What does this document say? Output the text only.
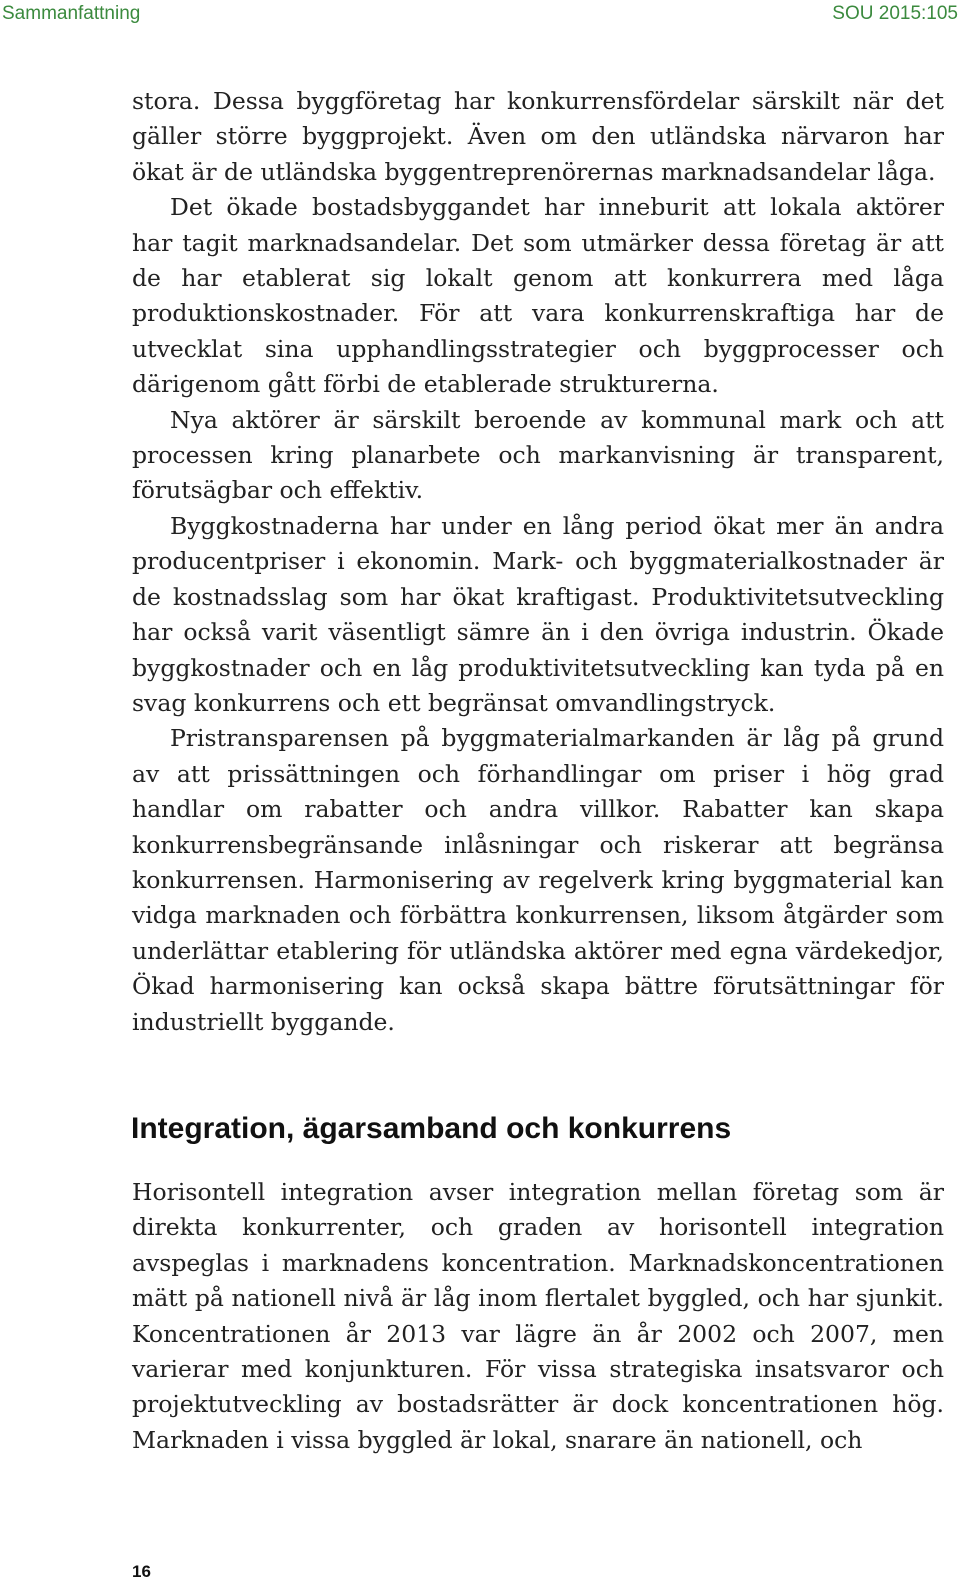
Sammanfattning	SOU 2015:105

stora. Dessa byggföretag har konkurrensfördelar särskilt när det gäller större byggprojekt. Även om den utländska närvaron har ökat är de utländska byggentreprenörernas marknadsandelar låga.

Det ökade bostadsbyggandet har inneburit att lokala aktörer har tagit marknadsandelar. Det som utmärker dessa företag är att de har etablerat sig lokalt genom att konkurrera med låga produktionskostnader. För att vara konkurrenskraftiga har de utvecklat sina upphandlingsstrategier och byggprocesser och därigenom gått förbi de etablerade strukturerna.

Nya aktörer är särskilt beroende av kommunal mark och att processen kring planarbete och markanvisning är transparent, förutsägbar och effektiv.

Byggkostnaderna har under en lång period ökat mer än andra producentpriser i ekonomin. Mark- och byggmaterialkostnader är de kostnadsslag som har ökat kraftigast. Produktivitetsutveckling har också varit väsentligt sämre än i den övriga industrin. Ökade byggkostnader och en låg produktivitetsutveckling kan tyda på en svag konkurrens och ett begränsat omvandlingstryck.

Pristransparensen på byggmaterialmarkanden är låg på grund av att prissättningen och förhandlingar om priser i hög grad handlar om rabatter och andra villkor. Rabatter kan skapa konkurrensbegränsande inlåsningar och riskerar att begränsa konkurrensen. Harmonisering av regelverk kring byggmaterial kan vidga marknaden och förbättra konkurrensen, liksom åtgärder som underlättar etablering för utländska aktörer med egna värdekedjor, Ökad harmonisering kan också skapa bättre förutsättningar för industriellt byggande.

Integration, ägarsamband och konkurrens

Horisontell integration avser integration mellan företag som är direkta konkurrenter, och graden av horisontell integration avspeglas i marknadens koncentration. Marknadskoncentrationen mätt på nationell nivå är låg inom flertalet byggled, och har sjunkit. Koncentrationen år 2013 var lägre än år 2002 och 2007, men varierar med konjunkturen. För vissa strategiska insatsvaror och projektutveckling av bostadsrätter är dock koncentrationen hög. Marknaden i vissa byggled är lokal, snarare än nationell, och

16
